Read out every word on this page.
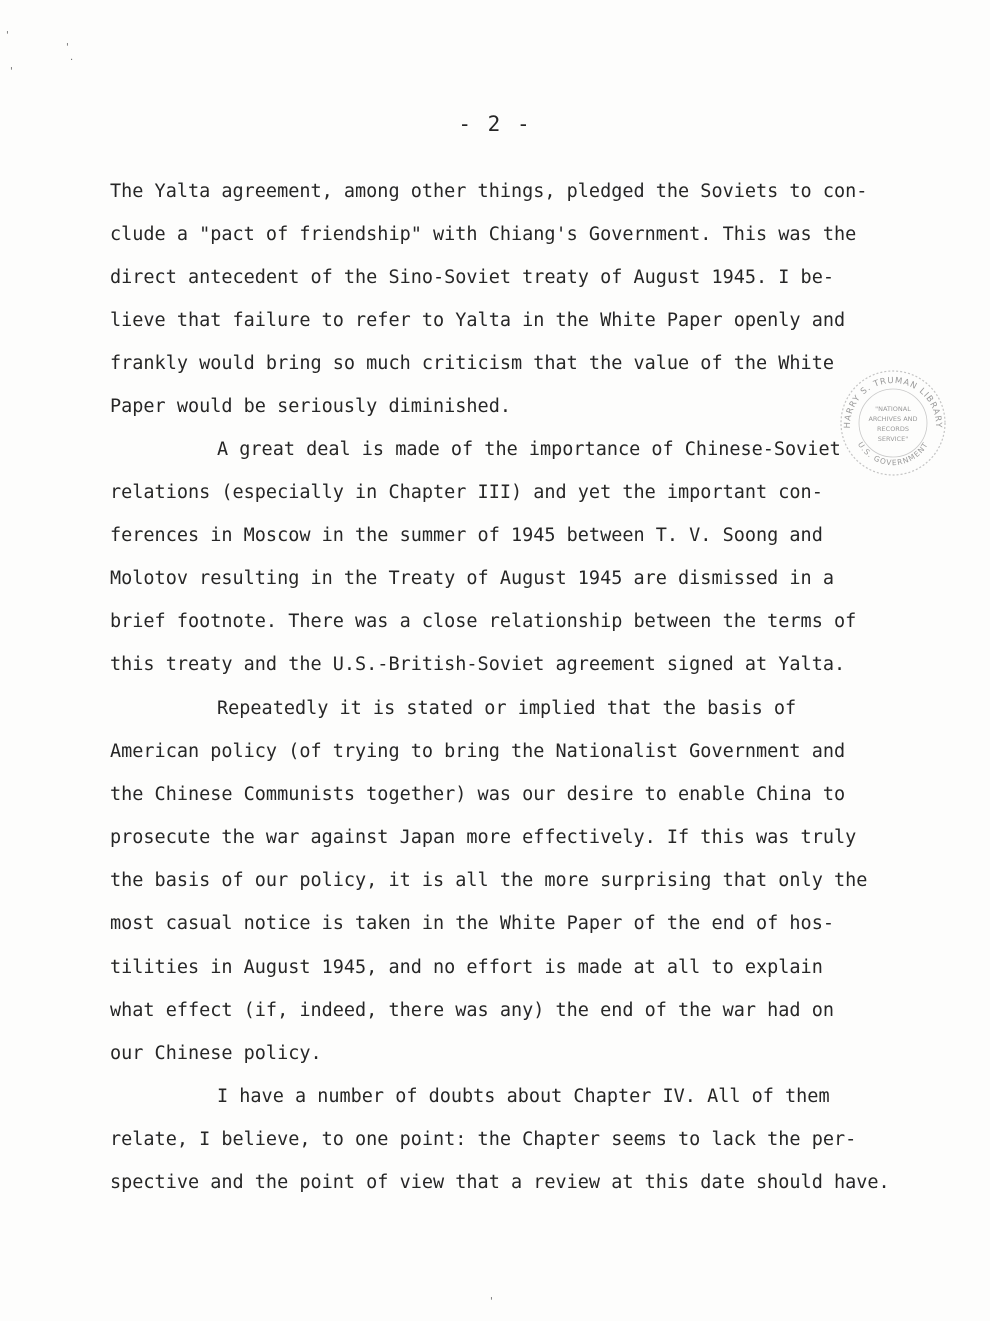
'
'
.
'
- 2 -
The Yalta agreement, among other things, pledged the Soviets to con-
clude a "pact of friendship" with Chiang's Government. This was the
direct antecedent of the Sino-Soviet treaty of August 1945. I be-
lieve that failure to refer to Yalta in the White Paper openly and
frankly would bring so much criticism that the value of the White
Paper would be seriously diminished.
A great deal is made of the importance of Chinese-Soviet
relations (especially in Chapter III) and yet the important con-
ferences in Moscow in the summer of 1945 between T. V. Soong and
Molotov resulting in the Treaty of August 1945 are dismissed in a
brief footnote. There was a close relationship between the terms of
this treaty and the U.S.-British-Soviet agreement signed at Yalta.
Repeatedly it is stated or implied that the basis of
American policy (of trying to bring the Nationalist Government and
the Chinese Communists together) was our desire to enable China to
prosecute the war against Japan more effectively. If this was truly
the basis of our policy, it is all the more surprising that only the
most casual notice is taken in the White Paper of the end of hos-
tilities in August 1945, and no effort is made at all to explain
what effect (if, indeed, there was any) the end of the war had on
our Chinese policy.
I have a number of doubts about Chapter IV. All of them
relate, I believe, to one point: the Chapter seems to lack the per-
spective and the point of view that a review at this date should have.
HARRY S. TRUMAN LIBRARY
U.S. GOVERNMENT
"NATIONAL
ARCHIVES AND
RECORDS
SERVICE"
'
